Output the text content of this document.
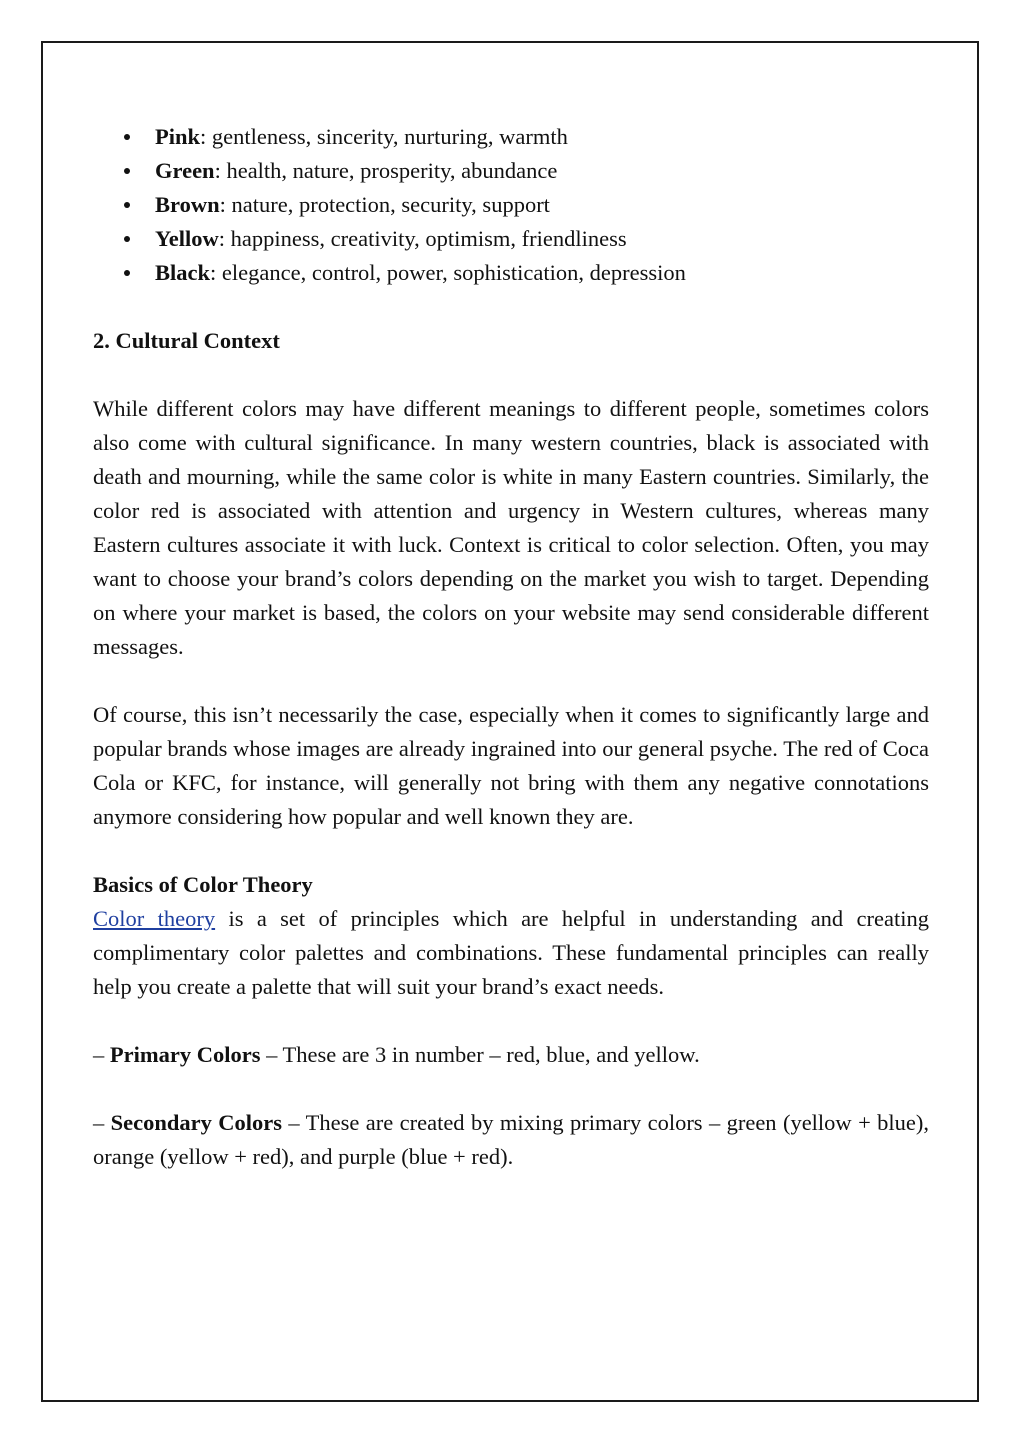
Pink: gentleness, sincerity, nurturing, warmth
Green: health, nature, prosperity, abundance
Brown: nature, protection, security, support
Yellow: happiness, creativity, optimism, friendliness
Black: elegance, control, power, sophistication, depression

2. Cultural Context

While different colors may have different meanings to different people, sometimes colors also come with cultural significance. In many western countries, black is associated with death and mourning, while the same color is white in many Eastern countries. Similarly, the color red is associated with attention and urgency in Western cultures, whereas many Eastern cultures associate it with luck. Context is critical to color selection. Often, you may want to choose your brand’s colors depending on the market you wish to target. Depending on where your market is based, the colors on your website may send considerable different messages.

Of course, this isn’t necessarily the case, especially when it comes to significantly large and popular brands whose images are already ingrained into our general psyche. The red of Coca Cola or KFC, for instance, will generally not bring with them any negative connotations anymore considering how popular and well known they are.

Basics of Color Theory

Color theory is a set of principles which are helpful in understanding and creating complimentary color palettes and combinations. These fundamental principles can really help you create a palette that will suit your brand’s exact needs.

– Primary Colors – These are 3 in number – red, blue, and yellow.

– Secondary Colors – These are created by mixing primary colors – green (yellow + blue), orange (yellow + red), and purple (blue + red).
